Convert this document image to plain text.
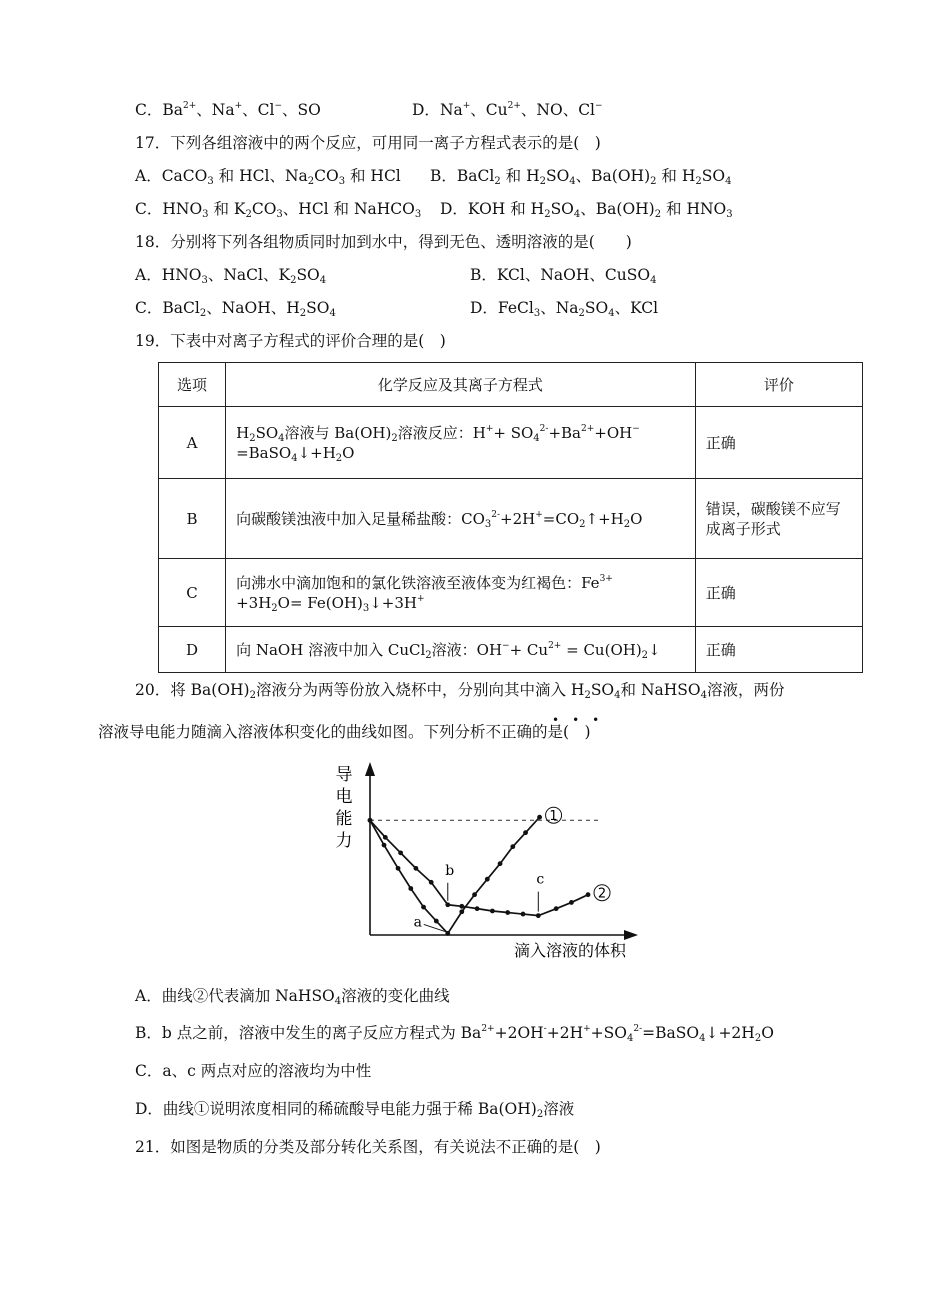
C．$Ba^{2+}$、Na+、Cl−、SO	D．Na+、$Cu^{2+}$、NO、Cl−
17．下列各组溶液中的两个反应，可用同一离子方程式表示的是(　)
A．CaCO$_3$ 和 HCl、$Na_2CO_3$ 和 HCl B．BaCl$_2$ 和 $H_2SO_4$、$Ba(OH)_2$ 和 $H_2SO_4$
C．$HNO_3$ 和 $K_2CO_3$、HCl 和 NaHCO$_3$ D．KOH 和 $H_2SO_4$、$Ba(OH)_2$ 和 $HNO_3$
18．分别将下列各组物质同时加到水中，得到无色、透明溶液的是(　　)
A．$HNO_3$、NaCl、$K_2SO_4$	B．KCl、NaOH、CuSO$_4$
C．BaCl$_2$、NaOH、$H_2SO_4$	D．FeCl$_3$、$Na_2SO_4$、KCl
19．下表中对离子方程式的评价合理的是(　)
选项	化学反应及其离子方程式	评价
A	$H_2SO_4$溶液与 $Ba(OH)_2$溶液反应：$H^++ SO_4^{2-}+Ba^{2+}+OH^-$
$=BaSO_4↓+H_2O$	正确
B	向碳酸镁浊液中加入足量稀盐酸：$CO_3^{2-}+2H^+=CO_2↑+H_2O$	错误，碳酸镁不应写成离子形式
C	向沸水中滴加饱和的氯化铁溶液至液体变为红褐色：$Fe^{3+}$
$+3H_2O=$ $Fe(OH)_3↓+3H^+$	正确
D	向 NaOH 溶液中加入 CuCl$_2$溶液：$OH^-+ Cu^{2+}$ = $Cu(OH)_2↓$	正确
20．将 $Ba(OH)_2$溶液分为两等份放入烧杯中，分别向其中滴入 $H_2SO_4$和 NaHSO$_4$溶液，两份
•••
溶液导电能力随滴入溶液体积变化的曲线如图。下列分析不正确的是(　)
导
电
能
力
滴入溶液的体积
1
2
a
b
c
A．曲线②代表滴加 NaHSO$_4$溶液的变化曲线
B．b 点之前，溶液中发生的离子反应方程式为 $Ba^{2+}+2OH^-+2H^++SO_4^{2-}=BaSO_4↓+2H_2O$
C．a、c 两点对应的溶液均为中性
D．曲线①说明浓度相同的稀硫酸导电能力强于稀 $Ba(OH)_2$溶液
21．如图是物质的分类及部分转化关系图，有关说法不正确的是(　)
